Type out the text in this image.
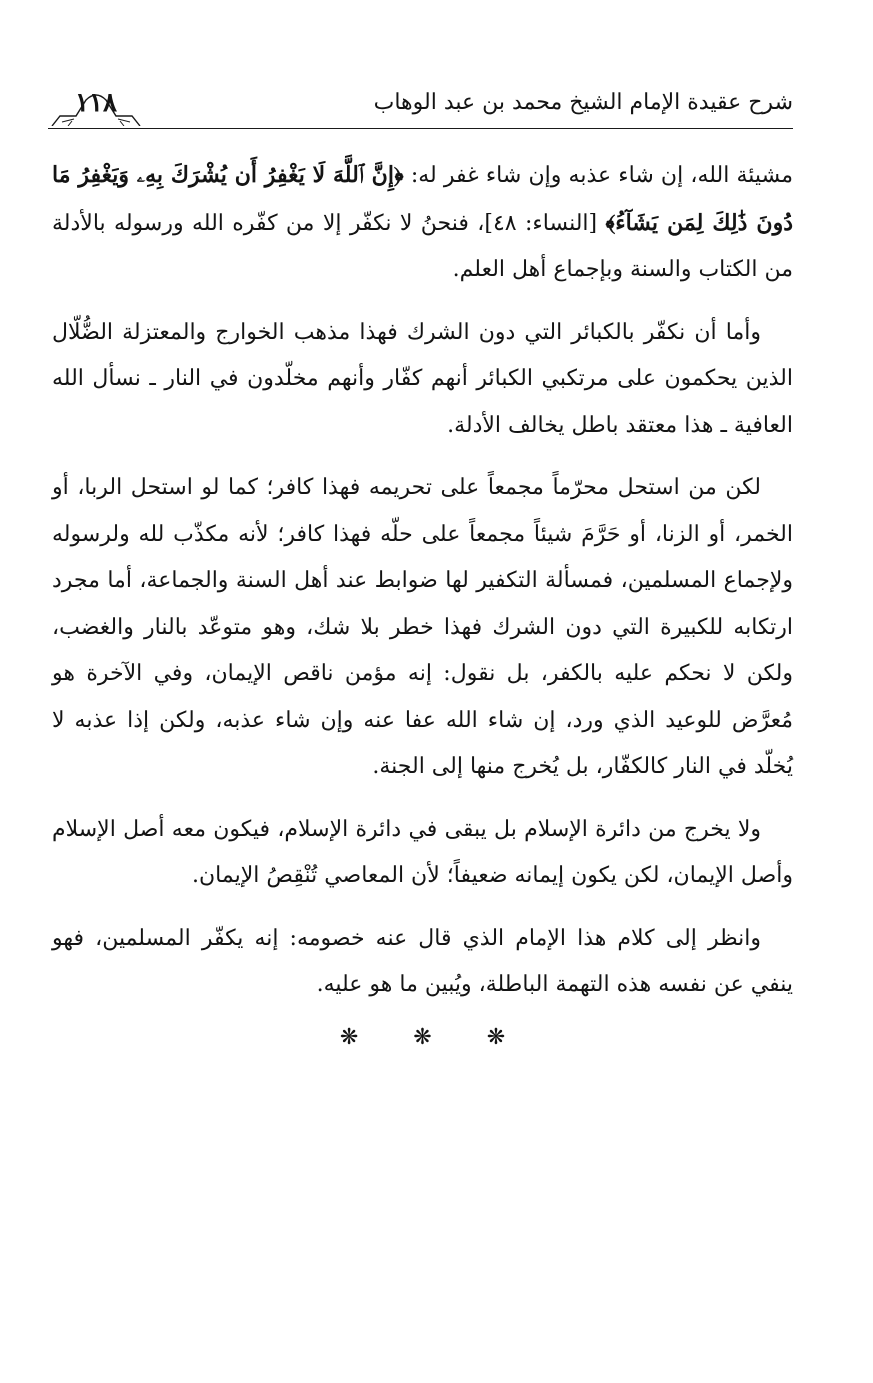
١١٨	شرح عقيدة الإمام الشيخ محمد بن عبد الوهاب

مشيئة الله، إن شاء عذبه وإن شاء غفر له: ﴿إِنَّ ٱللَّهَ لَا يَغْفِرُ أَن يُشْرَكَ بِهِۦ وَيَغْفِرُ مَا دُونَ ذَٰلِكَ لِمَن يَشَآءُ﴾ [النساء: ٤٨]، فنحنُ لا نكفّر إلا من كفّره الله ورسوله بالأدلة من الكتاب والسنة وبإجماع أهل العلم.

وأما أن نكفّر بالكبائر التي دون الشرك فهذا مذهب الخوارج والمعتزلة الضُّلّال الذين يحكمون على مرتكبي الكبائر أنهم كفّار وأنهم مخلّدون في النار ـ نسأل الله العافية ـ هذا معتقد باطل يخالف الأدلة.

لكن من استحل محرّماً مجمعاً على تحريمه فهذا كافر؛ كما لو استحل الربا، أو الخمر، أو الزنا، أو حَرَّمَ شيئاً مجمعاً على حلّه فهذا كافر؛ لأنه مكذّب لله ولرسوله ولإجماع المسلمين، فمسألة التكفير لها ضوابط عند أهل السنة والجماعة، أما مجرد ارتكابه للكبيرة التي دون الشرك فهذا خطر بلا شك، وهو متوعّد بالنار والغضب، ولكن لا نحكم عليه بالكفر، بل نقول: إنه مؤمن ناقص الإيمان، وفي الآخرة هو مُعرَّض للوعيد الذي ورد، إن شاء الله عفا عنه وإن شاء عذبه، ولكن إذا عذبه لا يُخلّد في النار كالكفّار، بل يُخرج منها إلى الجنة.

ولا يخرج من دائرة الإسلام بل يبقى في دائرة الإسلام، فيكون معه أصل الإسلام وأصل الإيمان، لكن يكون إيمانه ضعيفاً؛ لأن المعاصي تُنْقِصُ الإيمان.

وانظر إلى كلام هذا الإمام الذي قال عنه خصومه: إنه يكفّر المسلمين، فهو ينفي عن نفسه هذه التهمة الباطلة، ويُبين ما هو عليه.

❋ ❋ ❋
